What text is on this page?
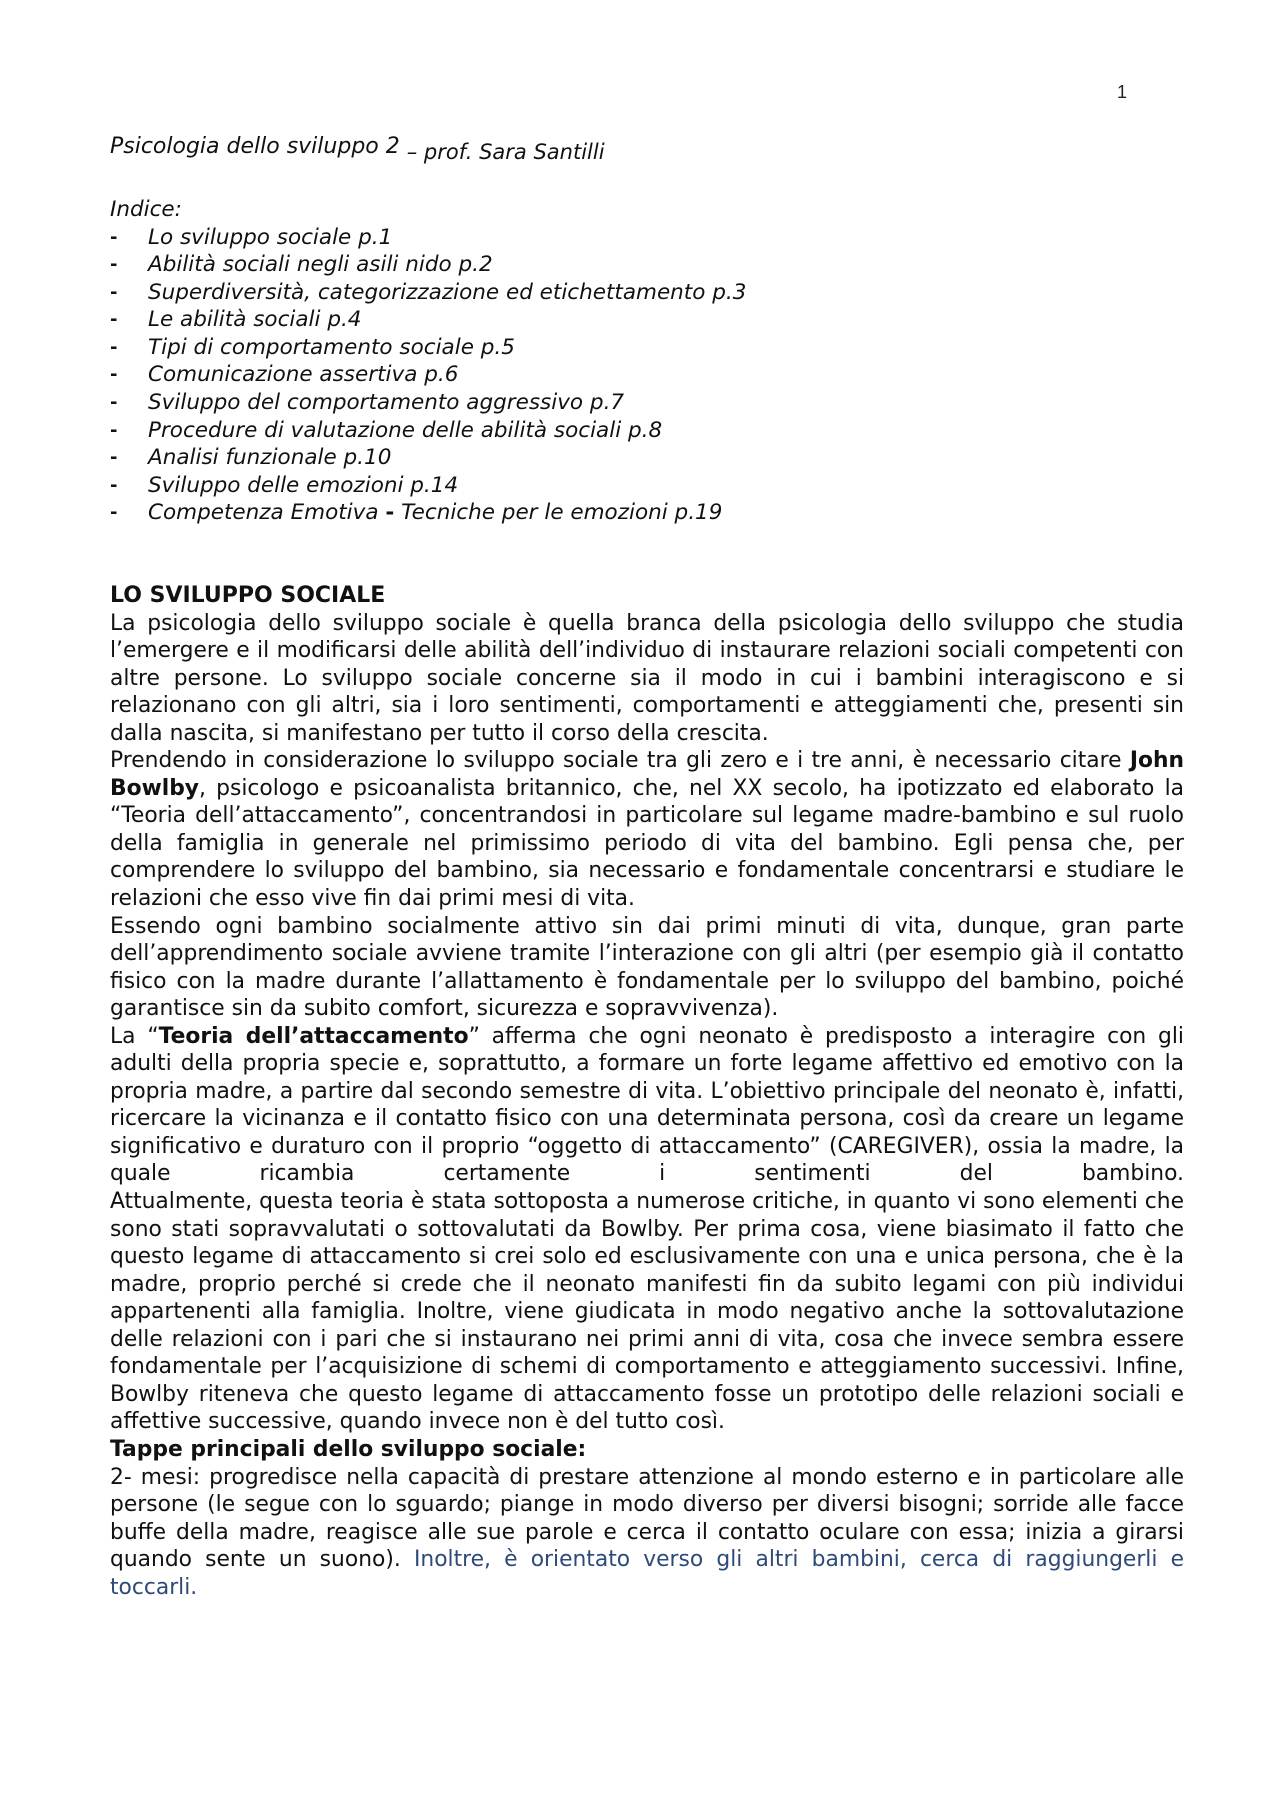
1
Psicologia dello sviluppo 2 – prof. Sara Santilli
Indice:
-	Lo sviluppo sociale p.1
-	Abilità sociali negli asili nido p.2
-	Superdiversità, categorizzazione ed etichettamento p.3
-	Le abilità sociali p.4
-	Tipi di comportamento sociale p.5
-	Comunicazione assertiva p.6
-	Sviluppo del comportamento aggressivo p.7
-	Procedure di valutazione delle abilità sociali p.8
-	Analisi funzionale p.10
-	Sviluppo delle emozioni p.14
-	Competenza Emotiva - Tecniche per le emozioni p.19
LO SVILUPPO SOCIALE

La psicologia dello sviluppo sociale è quella branca della psicologia dello sviluppo che studia l’emergere e il modificarsi delle abilità dell’individuo di instaurare relazioni sociali competenti con altre persone. Lo sviluppo sociale concerne sia il modo in cui i bambini interagiscono e si relazionano con gli altri, sia i loro sentimenti, comportamenti e atteggiamenti che, presenti sin dalla nascita, si manifestano per tutto il corso della crescita.

Prendendo in considerazione lo sviluppo sociale tra gli zero e i tre anni, è necessario citare John Bowlby, psicologo e psicoanalista britannico, che, nel XX secolo, ha ipotizzato ed elaborato la “Teoria dell’attaccamento”, concentrandosi in particolare sul legame madre-bambino e sul ruolo della famiglia in generale nel primissimo periodo di vita del bambino. Egli pensa che, per comprendere lo sviluppo del bambino, sia necessario e fondamentale concentrarsi e studiare le relazioni che esso vive fin dai primi mesi di vita.

Essendo ogni bambino socialmente attivo sin dai primi minuti di vita, dunque, gran parte dell’apprendimento sociale avviene tramite l’interazione con gli altri (per esempio già il contatto fisico con la madre durante l’allattamento è fondamentale per lo sviluppo del bambino, poiché garantisce sin da subito comfort, sicurezza e sopravvivenza).

La “Teoria dell’attaccamento” afferma che ogni neonato è predisposto a interagire con gli adulti della propria specie e, soprattutto, a formare un forte legame affettivo ed emotivo con la propria madre, a partire dal secondo semestre di vita. L’obiettivo principale del neonato è, infatti, ricercare la vicinanza e il contatto fisico con una determinata persona, così da creare un legame significativo e duraturo con il proprio “oggetto di attaccamento” (CAREGIVER), ossia la madre, la quale ricambia certamente i sentimenti del bambino.

Attualmente, questa teoria è stata sottoposta a numerose critiche, in quanto vi sono elementi che sono stati sopravvalutati o sottovalutati da Bowlby. Per prima cosa, viene biasimato il fatto che questo legame di attaccamento si crei solo ed esclusivamente con una e unica persona, che è la madre, proprio perché si crede che il neonato manifesti fin da subito legami con più individui appartenenti alla famiglia. Inoltre, viene giudicata in modo negativo anche la sottovalutazione delle relazioni con i pari che si instaurano nei primi anni di vita, cosa che invece sembra essere fondamentale per l’acquisizione di schemi di comportamento e atteggiamento successivi. Infine, Bowlby riteneva che questo legame di attaccamento fosse un prototipo delle relazioni sociali e affettive successive, quando invece non è del tutto così.

Tappe principali dello sviluppo sociale:

2- mesi: progredisce nella capacità di prestare attenzione al mondo esterno e in particolare alle persone (le segue con lo sguardo; piange in modo diverso per diversi bisogni; sorride alle facce buffe della madre, reagisce alle sue parole e cerca il contatto oculare con essa; inizia a girarsi quando sente un suono). Inoltre, è orientato verso gli altri bambini, cerca di raggiungerli e toccarli.
